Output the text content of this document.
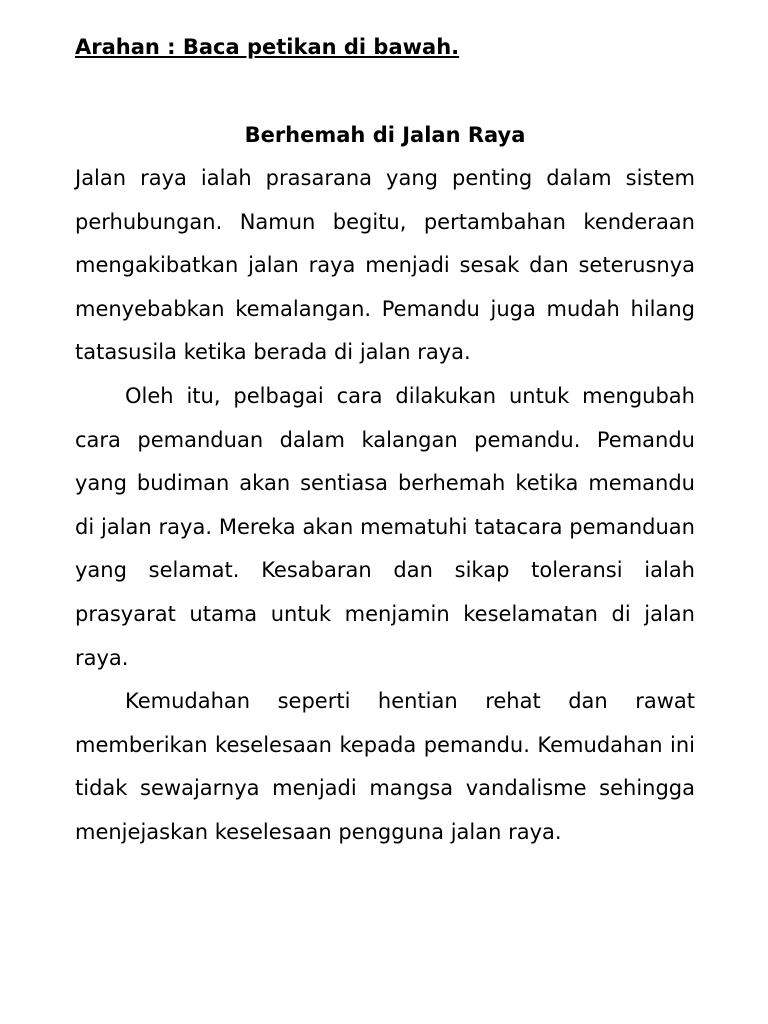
Arahan : Baca petikan di bawah.
Berhemah di Jalan Raya

Jalan raya ialah prasarana yang penting dalam sistem perhubungan. Namun begitu, pertambahan kenderaan mengakibatkan jalan raya menjadi sesak dan seterusnya menyebabkan kemalangan. Pemandu juga mudah hilang tatasusila ketika berada di jalan raya.

Oleh itu, pelbagai cara dilakukan untuk mengubah cara pemanduan dalam kalangan pemandu. Pemandu yang budiman akan sentiasa berhemah ketika memandu di jalan raya. Mereka akan mematuhi tatacara pemanduan yang selamat. Kesabaran dan sikap toleransi ialah prasyarat utama untuk menjamin keselamatan di jalan raya.

Kemudahan seperti hentian rehat dan rawat memberikan keselesaan kepada pemandu. Kemudahan ini tidak sewajarnya menjadi mangsa vandalisme sehingga menjejaskan keselesaan pengguna jalan raya.
